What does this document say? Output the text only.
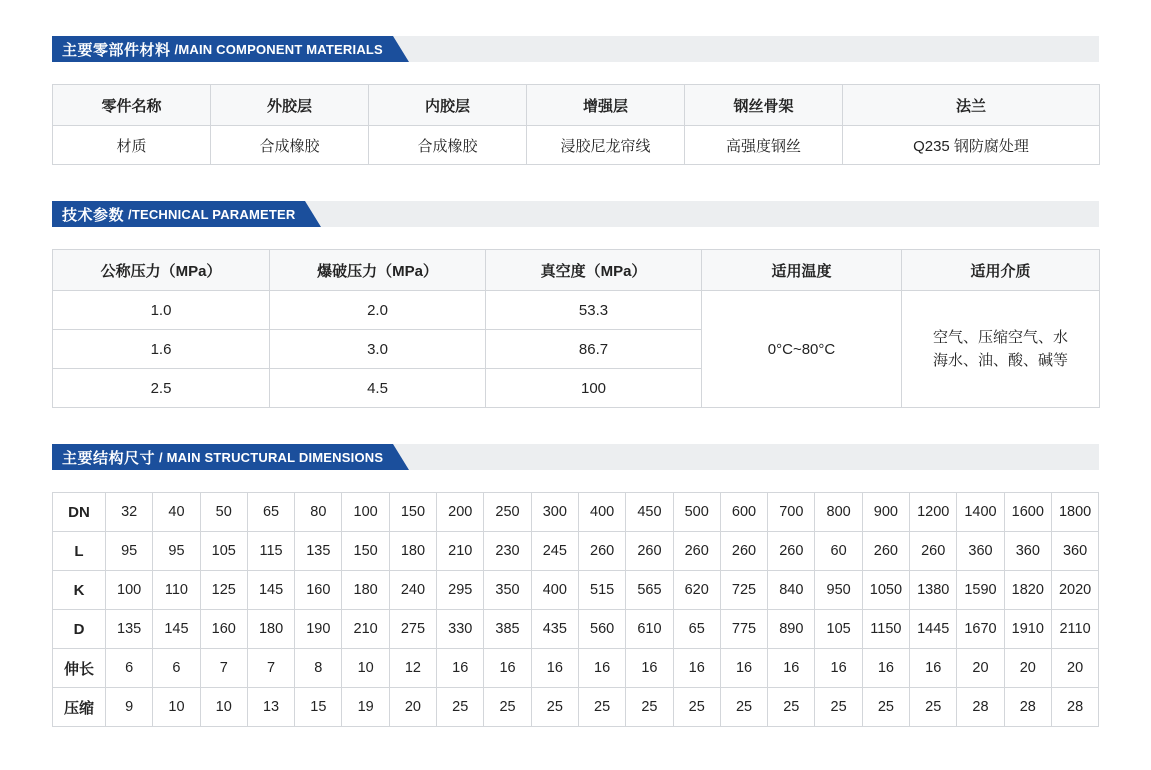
主要零部件材料 /MAIN COMPONENT MATERIALS
零件名称	外胶层	内胶层	增强层	钢丝骨架	法兰
材质	合成橡胶	合成橡胶	浸胶尼龙帘线	高强度钢丝	Q235 钢防腐处理
技术参数 /TECHNICAL PARAMETER
公称压力（MPa）	爆破压力（MPa）	真空度（MPa）	适用温度	适用介质
1.0	2.0	53.3	0°C~80°C	空气、压缩空气、水
海水、油、酸、碱等

1.6	3.0	86.7		
2.5	4.5	100		
主要结构尺寸 / MAIN STRUCTURAL DIMENSIONS
DN	32	40	50	65	80	100	150	200	250	300	400	450	500	600	700	800	900	1200	1400	1600	1800
L	95	95	105	115	135	150	180	210	230	245	260	260	260	260	260	60	260	260	360	360	360
K	100	110	125	145	160	180	240	295	350	400	515	565	620	725	840	950	1050	1380	1590	1820	2020
D	135	145	160	180	190	210	275	330	385	435	560	610	65	775	890	105	1150	1445	1670	1910	2110
伸长	6	6	7	7	8	10	12	16	16	16	16	16	16	16	16	16	16	16	20	20	20
压缩	9	10	10	13	15	19	20	25	25	25	25	25	25	25	25	25	25	25	28	28	28
